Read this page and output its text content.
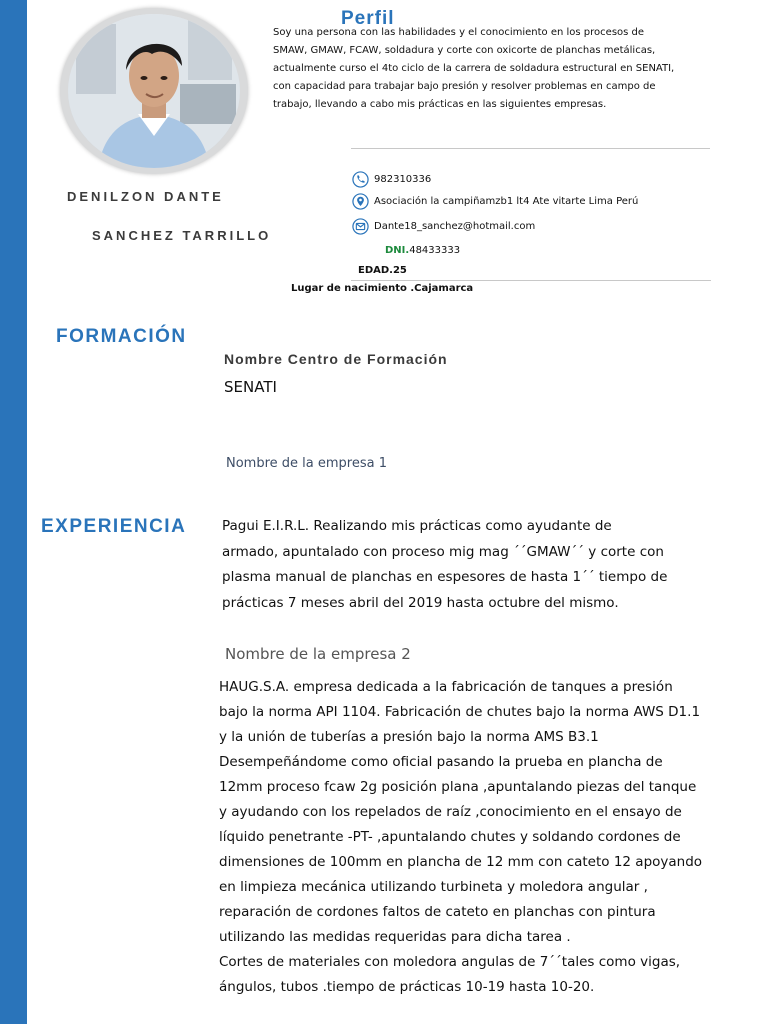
Perfil

Soy una persona con las habilidades y el conocimiento en los procesos de
SMAW, GMAW, FCAW, soldadura y corte con oxicorte de planchas metálicas,
actualmente curso el 4to ciclo de la carrera de soldadura estructural en SENATI,
con capacidad para trabajar bajo presión y resolver problemas en campo de
trabajo, llevando a cabo mis prácticas en las siguientes empresas.

DENILZON DANTE
SANCHEZ TARRILLO
982310336
Asociación la campiñamzb1 lt4 Ate vitarte Lima Perú
Dante18_sanchez@hotmail.com
DNI.48433333
EDAD.25
Lugar de nacimiento .Cajamarca
FORMACIÓN
Nombre Centro de Formación
SENATI
Nombre de la empresa 1
EXPERIENCIA	Pagui E.I.R.L. Realizando mis prácticas como ayudante de
armado, apuntalado con proceso mig mag ´´GMAW´´ y corte con
plasma manual de planchas en espesores de hasta 1´´ tiempo de
prácticas 7 meses abril del 2019 hasta octubre del mismo.

Nombre de la empresa 2

HAUG.S.A. empresa dedicada a la fabricación de tanques a presión
bajo la norma API 1104. Fabricación de chutes bajo la norma AWS D1.1
y la unión de tuberías a presión bajo la norma AMS B3.1
Desempeñándome como oficial pasando la prueba en plancha de
12mm proceso fcaw 2g posición plana ,apuntalando piezas del tanque
y ayudando con los repelados de raíz ,conocimiento en el ensayo de
líquido penetrante -PT- ,apuntalando chutes y soldando cordones de
dimensiones de 100mm en plancha de 12 mm con cateto 12 apoyando
en limpieza mecánica utilizando turbineta y moledora angular ,
reparación de cordones faltos de cateto en planchas con pintura
utilizando las medidas requeridas para dicha tarea .
Cortes de materiales con moledora angulas de 7´´tales como vigas,
ángulos, tubos .tiempo de prácticas 10-19 hasta 10-20.
